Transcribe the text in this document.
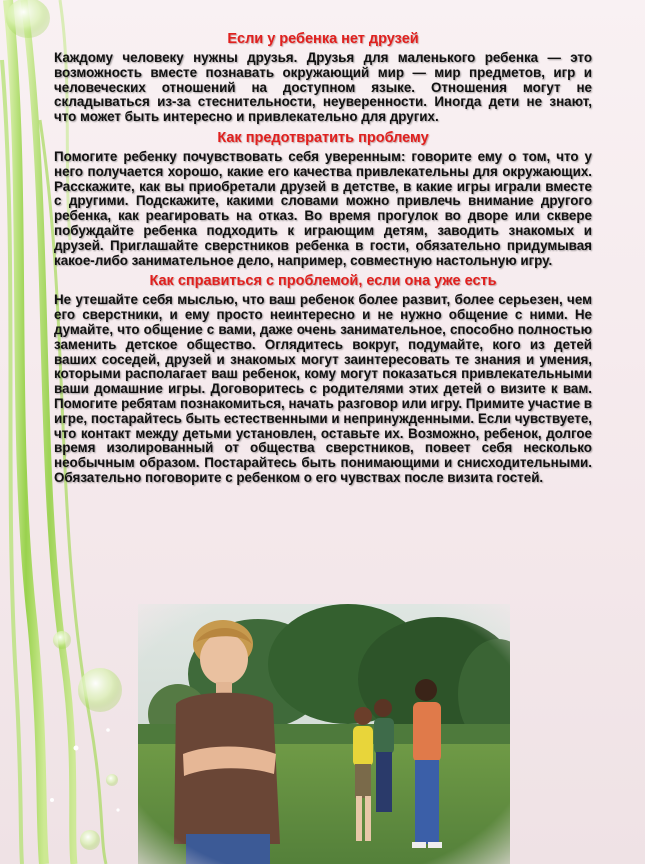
Если у ребенка нет друзей

Каждому человеку нужны друзья. Друзья для маленького ребенка — это возможность вместе познавать окружающий мир — мир предметов, игр и человеческих отношений на доступном языке. Отношения могут не складываться из-за стеснительности, неуверенности. Иногда дети не знают, что может быть интересно и привлекательно для других.

Как предотвратить проблему

Помогите ребенку почувствовать себя уверенным: говорите ему о том, что у него получается хорошо, какие его качества привлекательны для окружающих. Расскажите, как вы приобретали друзей в детстве, в какие игры играли вместе с другими. Подскажите, какими словами можно привлечь внимание другого ребенка, как реагировать на отказ. Во время прогулок во дворе или сквере побуждайте ребенка подходить к играющим детям, заводить знакомых и друзей. Приглашайте сверстников ребенка в гости, обязательно придумывая какое-либо занимательное дело, например, совместную настольную игру.

Как справиться с проблемой, если она уже есть

Не утешайте себя мыслью, что ваш ребенок более развит, более серьезен, чем его сверстники, и ему просто неинтересно и не нужно общение с ними. Не думайте, что общение с вами, даже очень занимательное, способно полностью заменить детское общество. Оглядитесь вокруг, подумайте, кого из детей ваших соседей, друзей и знакомых могут заинтересовать те знания и умения, которыми располагает ваш ребенок, кому могут показаться привлекательными ваши домашние игры. Договоритесь с родителями этих детей о визите к вам. Помогите ребятам познакомиться, начать разговор или игру. Примите участие в игре, постарайтесь быть естественными и непринужденными. Если чувствуете, что контакт между детьми установлен, оставьте их. Возможно, ребенок, долгое время изолированный от общества сверстников, повеет себя несколько необычным образом. Постарайтесь быть понимающими и снисходительными. Обязательно поговорите с ребенком о его чувствах после визита гостей.
